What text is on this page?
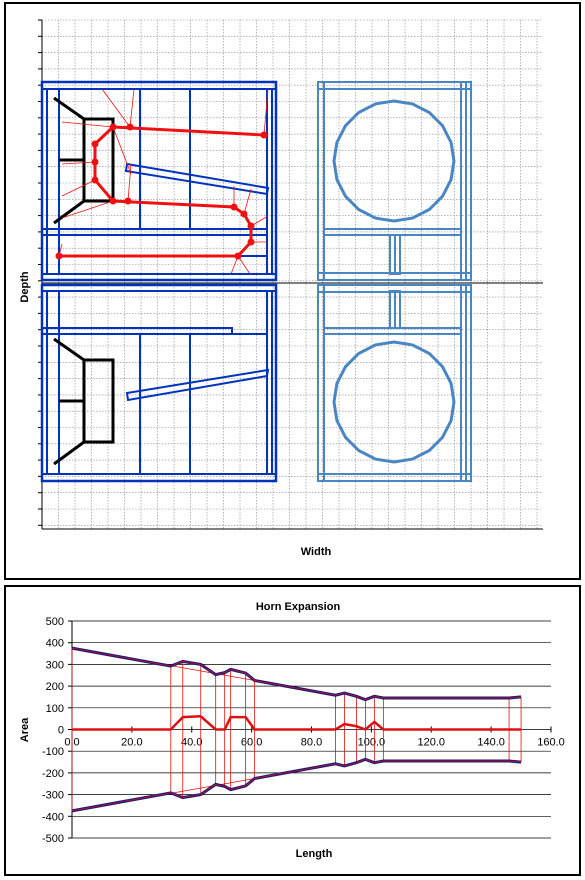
Width
Depth
Horn Expansion
500
400
300
200
100
0
-100
-200
-300
-400
-500
0.0	20.0	40.0	60.0	80.0	100.0	120.0	140.0	160.0
Length
Area
